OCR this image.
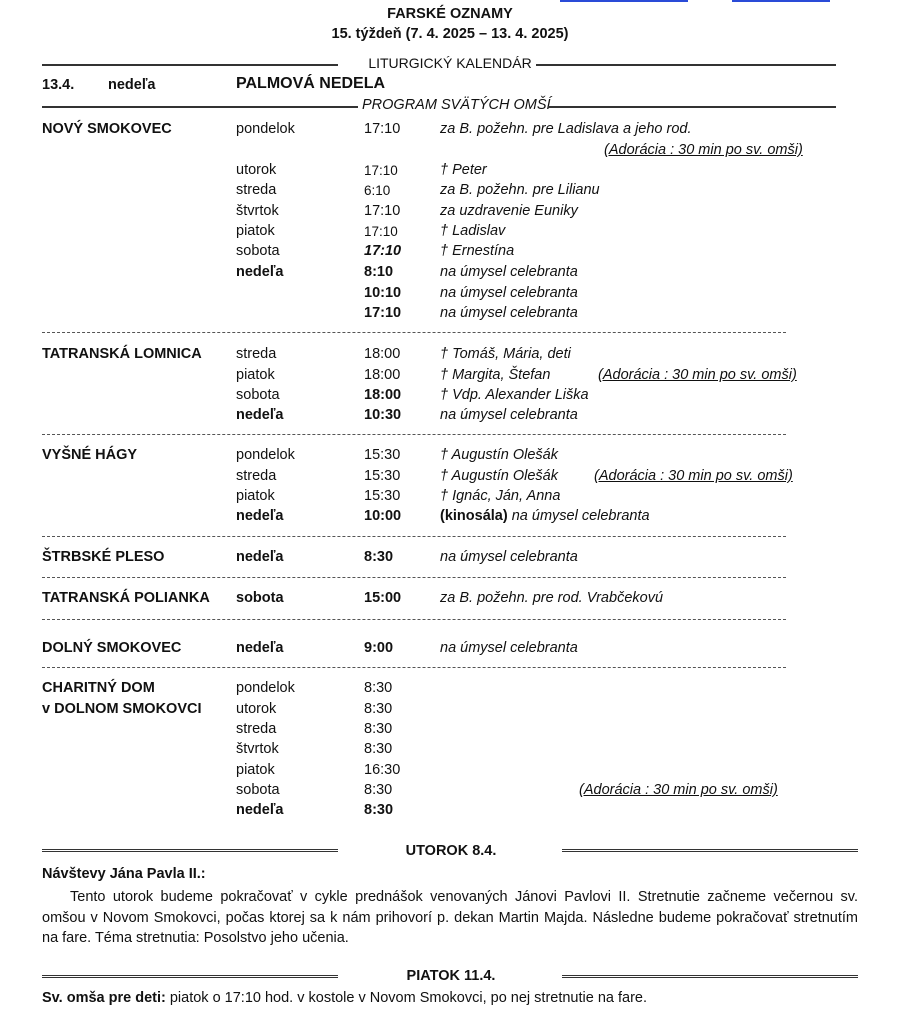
FARSKÉ OZNAMY
15. týždeň (7. 4. 2025 – 13. 4. 2025)
LITURGICKÝ KALENDÁR
13.4. nedeľa	PALMOVÁ NEDELA
PROGRAM SVÄTÝCH OMŠÍ
NOVÝ SMOKOVEC	pondelok	17:10	za B. požehn. pre Ladislava a jeho rod.
(Adorácia : 30 min po sv. omši)
utorok	17:10	† Peter
streda	6:10	za B. požehn. pre Lilianu
štvrtok	17:10	za uzdravenie Euniky
piatok	17:10	† Ladislav
sobota	17:10	† Ernestína
nedeľa	8:10	na úmysel celebranta
10:10	na úmysel celebranta
17:10	na úmysel celebranta
TATRANSKÁ LOMNICA streda	18:00	† Tomáš, Mária, deti
piatok	18:00	† Margita, Štefan	(Adorácia : 30 min po sv. omši)
sobota	18:00	† Vdp. Alexander Liška
nedeľa	10:30	na úmysel celebranta
VYŠNÉ HÁGY	pondelok	15:30	† Augustín Olešák
streda	15:30	† Augustín Olešák (Adorácia : 30 min po sv. omši)
piatok	15:30	† Ignác, Ján, Anna
nedeľa	10:00	(kinosála) na úmysel celebranta
ŠTRBSKÉ PLESO	nedeľa	8:30	na úmysel celebranta
TATRANSKÁ POLIANKA sobota	15:00	za B. požehn. pre rod. Vrabčekovú
DOLNÝ SMOKOVEC	nedeľa	9:00	na úmysel celebranta
CHARITNÝ DOM
v DOLNOM SMOKOVCI
pondelok	8:30
utorok	8:30
streda	8:30
štvrtok	8:30
piatok	16:30
sobota	8:30	(Adorácia : 30 min po sv. omši)
nedeľa	8:30
UTOROK 8.4.
Návštevy Jána Pavla II.:

Tento utorok budeme pokračovať v cykle prednášok venovaných Jánovi Pavlovi II. Stretnutie začneme večernou sv. omšou v Novom Smokovci, počas ktorej sa k nám prihovorí p. dekan Martin Majda. Následne budeme pokračovať stretnutím na fare. Téma stretnutia: Posolstvo jeho učenia.

PIATOK 11.4.
Sv. omša pre deti: piatok o 17:10 hod. v kostole v Novom Smokovci, po nej stretnutie na fare.
